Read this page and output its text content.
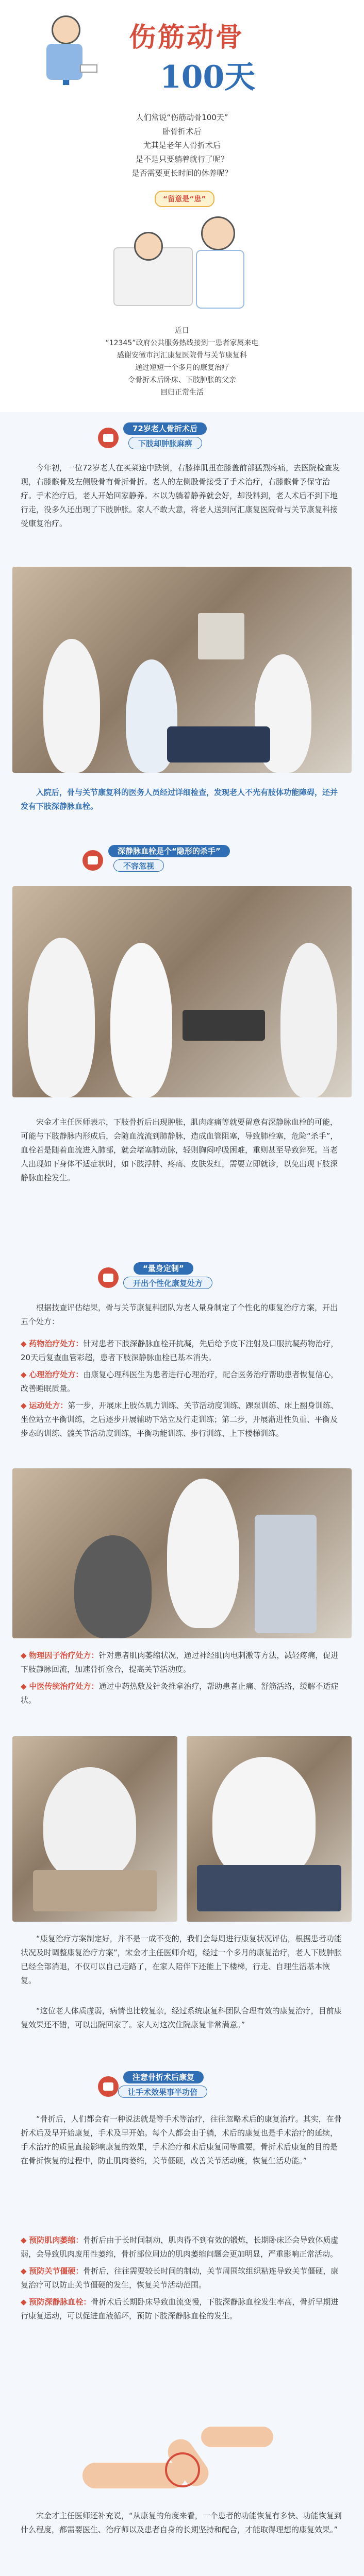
伤筋动骨
100天
人们常说“伤筋动骨100天”
卧骨折术后
尤其是老年人骨折术后
是不是只要躺着就行了呢？
是否需要更长时间的休养呢？
“留意是“患”
近日
“12345”政府公共服务热线接到一患者家属来电
感谢安徽市河汇康复医院骨与关节康复科
通过短短一个多月的康复治疗
令骨折术后卧床、下肢肿胀的父亲
回归正常生活
72岁老人骨折术后
下肢却肿胀麻痹
今年初，一位72岁老人在买菜途中跌倒，右膝摔肌扭在膝盖前部猛烈疼痛，去医院检查发现，右膝髌骨及左侧股骨有骨折骨折。老人的左侧股骨接受了手术治疗，右膝髌骨予保守治疗。手术治疗后，老人开始回家静养。本以为躺着静养就会好，却没料到，老人术后不到下地行走，没多久还出现了下肢肿胀。家人不敢大意，将老人送到河汇康复医院骨与关节康复科接受康复治疗。
入院后，骨与关节康复科的医务人员经过详细检查，发现老人不光有肢体功能障碍，还并发有下肢深静脉血栓。
深静脉血栓是个“隐形的杀手”
不容忽视
宋金才主任医师表示，下肢骨折后出现肿胀，肌肉疼痛等就要留意有深静脉血栓的可能，可能与下肢静脉内形成后，会随血流流到肺静脉，造成血管阻塞，导致肺栓塞，危险“杀手”，血栓若是随着血流进入肺部，就会堵塞肺动脉，轻则胸闷呼吸困难，重则甚至导致猝死。当老人出现如下身体不适症状时，如下肢浮肿、疼痛、皮肤发红，需要立即就诊，以免出现下肢深静脉血栓发生。
“量身定制”
开出个性化康复处方
根据技查评估结果，骨与关节康复科团队为老人量身制定了个性化的康复治疗方案，开出五个处方：
◆ 药物治疗处方：针对患者下肢深静脉血栓开抗凝，先后给予皮下注射及口服抗凝药物治疗，20天后复查血管彩超，患者下肢深静脉血栓已基本消失。
◆ 心理治疗处方：由康复心理科医生为患者进行心理治疗，配合医务治疗帮助患者恢复信心，改善睡眠质量。
◆ 运动处方：第一步，开展床上肢体肌力训练、关节活动度训练、踝泵训练、床上翻身训练、坐位站立平衡训练，之后逐步开展辅助下站立及行走训练；第二步，开展渐进性负重、平衡及步态的训练、髋关节活动度训练，平衡功能训练、步行训练、上下楼梯训练。
◆ 物理因子治疗处方：针对患者肌肉萎缩状况，通过神经肌肉电刺激等方法，减轻疼痛，促进下肢静脉回流，加速骨折愈合，提高关节活动度。
◆ 中医传统治疗处方：通过中药热敷及针灸推拿治疗，帮助患者止痛、舒筋活络，缓解不适症状。
“康复治疗方案制定好，并不是一成不变的，我们会每周进行康复状况评估，根据患者功能状况及时调整康复治疗方案”，宋金才主任医师介绍，经过一个多月的康复治疗，老人下肢肿胀已经全部消退，不仅可以自己走路了，在家人陪伴下还能上下楼梯，行走、自理生活基本恢复。
“这位老人体质虚弱，病情也比较复杂，经过系统康复科团队合理有效的康复治疗，目前康复效果还不错，可以出院回家了。家人对这次住院康复非常满意。”
注意骨折术后康复
让手术效果事半功倍
“骨折后，人们都会有一种说法就是等手术等治疗，往往忽略术后的康复治疗。其实，在骨折术后及早开始康复，手术及早开始。每个人都会由于躺，术后的康复也是手术治疗的延续，手术治疗的质量直接影响康复的效果，手术治疗和术后康复同等重要，骨折术后康复的目的是在骨折恢复的过程中，防止肌肉萎缩，关节僵硬，改善关节活动度，恢复生活功能。”
◆ 预防肌肉萎缩：骨折后由于长时间制动，肌肉得不到有效的锻炼，长期卧床还会导致体质虚弱，会导致肌肉废用性萎缩，骨折部位周边的肌肉萎缩问题会更加明显，严重影响正常活动。
◆ 预防关节僵硬：骨折后，往往需要较长时间的制动，关节周围软组织粘连导致关节僵硬，康复治疗可以防止关节僵硬的发生，恢复关节活动范围。
◆ 预防深静脉血栓：骨折术后长期卧床导致血流变慢，下肢深静脉血栓发生率高，骨折早期进行康复运动，可以促进血液循环，预防下肢深静脉血栓的发生。
宋金才主任医师还补充说，“从康复的角度来看，一个患者的功能恢复有多快、功能恢复到什么程度，都需要医生、治疗师以及患者自身的长期坚持和配合，才能取得理想的康复效果。”
